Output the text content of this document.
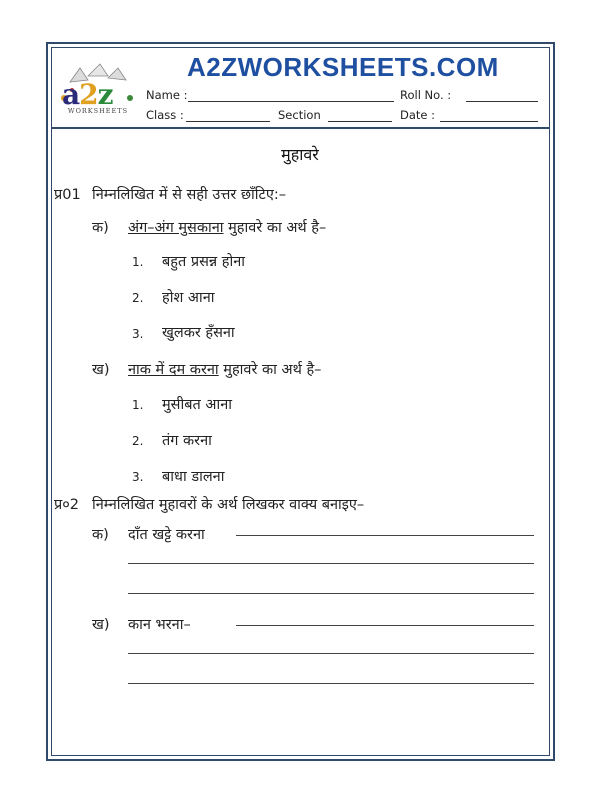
a2z
WORKSHEETS
A2ZWORKSHEETS.COM
Name :	Roll No. :
Class :	Section	Date :
मुहावरे
प्र01 निम्नलिखित में से सही उत्तर छाँटिए:–
क) अंग–अंग मुसकाना मुहावरे का अर्थ है–
1. बहुत प्रसन्न होना
2. होश आना
3. खुलकर हँसना
ख) नाक में दम करना मुहावरे का अर्थ है–
1. मुसीबत आना
2. तंग करना
3. बाधा डालना
प्र०2 निम्नलिखित मुहावरों के अर्थ लिखकर वाक्य बनाइए–
क) दाँत खट्टे करना
ख) कान भरना–
